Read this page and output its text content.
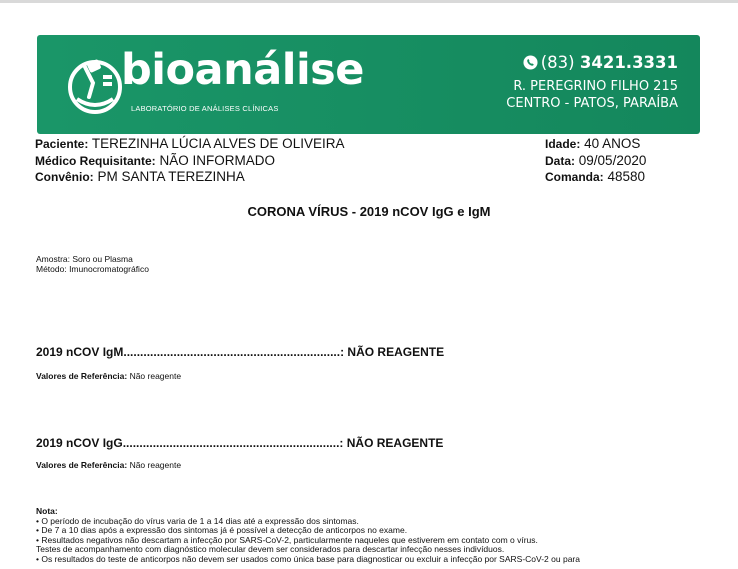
bioanálise
LABORATÓRIO DE ANÁLISES CLÍNICAS
(83) 3421.3331
R. PEREGRINO FILHO 215
CENTRO - PATOS, PARAÍBA
Paciente: TEREZINHA LÚCIA ALVES DE OLIVEIRA
Médico Requisitante: NÃO INFORMADO
Convênio: PM SANTA TEREZINHA
Idade: 40 ANOS
Data: 09/05/2020
Comanda: 48580
CORONA VÍRUS - 2019 nCOV IgG e IgM
Amostra: Soro ou Plasma
Método: Imunocromatográfico
2019 nCOV IgM.................................................................: NÃO REAGENTE
Valores de Referência: Não reagente
2019 nCOV IgG.................................................................: NÃO REAGENTE
Valores de Referência: Não reagente
Nota:
• O período de incubação do vírus varia de 1 a 14 dias até a expressão dos sintomas.
• De 7 a 10 dias após a expressão dos sintomas já é possível a detecção de anticorpos no exame.
• Resultados negativos não descartam a infecção por SARS-CoV-2, particularmente naqueles que estiverem em contato com o vírus.
Testes de acompanhamento com diagnóstico molecular devem ser considerados para descartar infecção nesses indivíduos.
• Os resultados do teste de anticorpos não devem ser usados como única base para diagnosticar ou excluir a infecção por SARS-CoV-2 ou para
